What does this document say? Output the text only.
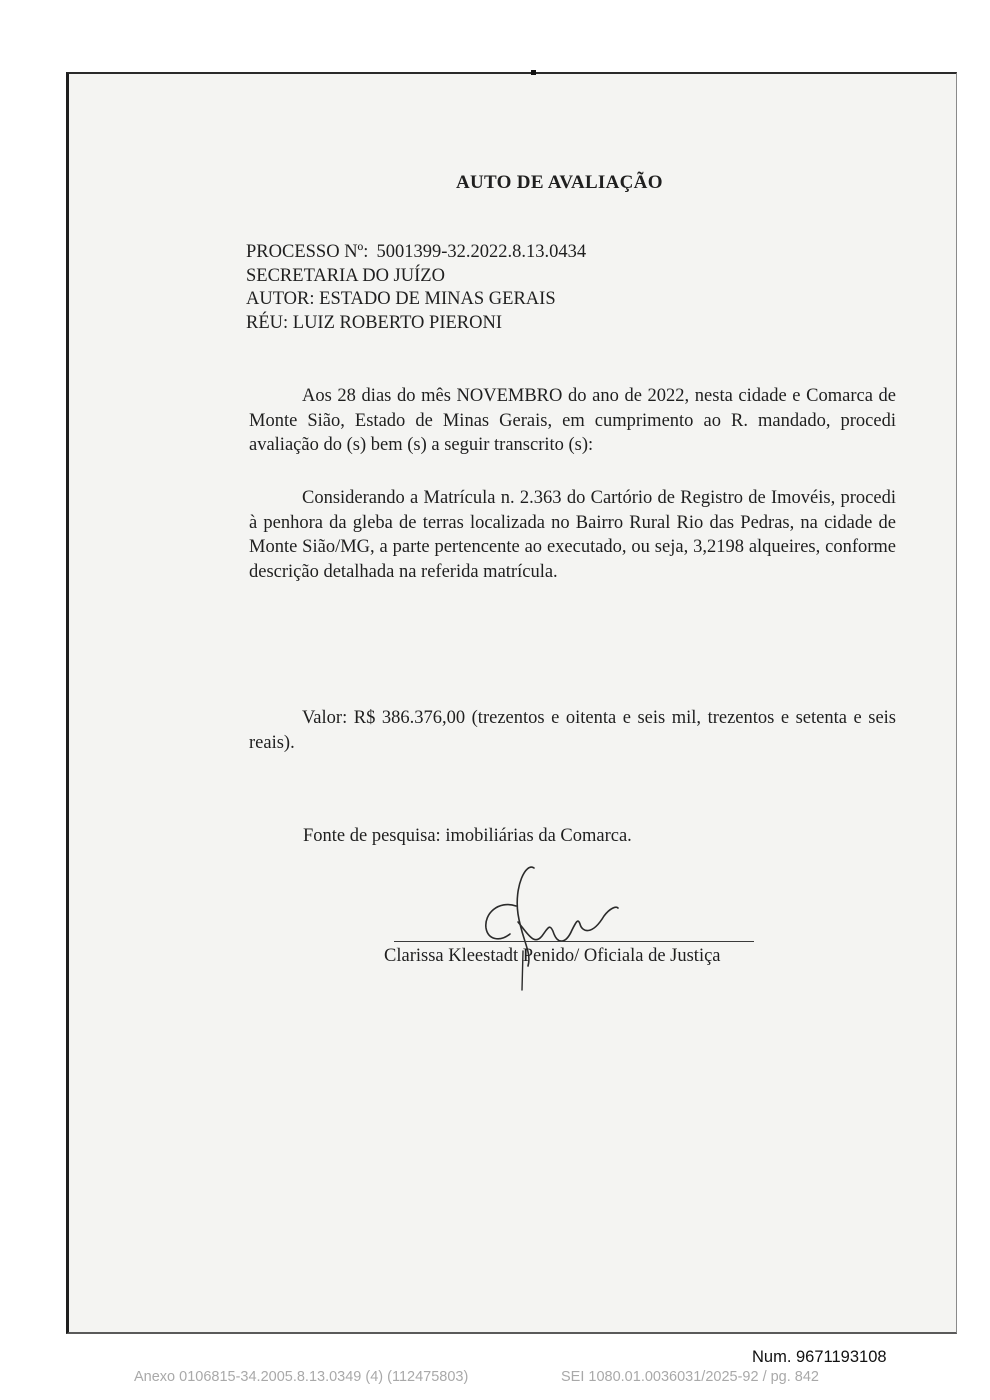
AUTO DE AVALIAÇÃO
PROCESSO Nº: 5001399-32.2022.8.13.0434
SECRETARIA DO JUÍZO
AUTOR: ESTADO DE MINAS GERAIS
RÉU: LUIZ ROBERTO PIERONI

Aos 28 dias do mês NOVEMBRO do ano de 2022, nesta cidade e Comarca de Monte Sião, Estado de Minas Gerais, em cumprimento ao R. mandado, procedi avaliação do (s) bem (s) a seguir transcrito (s):

Considerando a Matrícula n. 2.363 do Cartório de Registro de Imovéis, procedi à penhora da gleba de terras localizada no Bairro Rural Rio das Pedras, na cidade de Monte Sião/MG, a parte pertencente ao executado, ou seja, 3,2198 alqueires, conforme descrição detalhada na referida matrícula.

Valor: R$ 386.376,00 (trezentos e oitenta e seis mil, trezentos e setenta e seis reais).

Fonte de pesquisa: imobiliárias da Comarca.

Clarissa Kleestadt Penido/ Oficiala de Justiça

Num. 9671193108

Anexo 0106815-34.2005.8.13.0349 (4) (112475803)	SEI 1080.01.0036031/2025-92 / pg. 842
